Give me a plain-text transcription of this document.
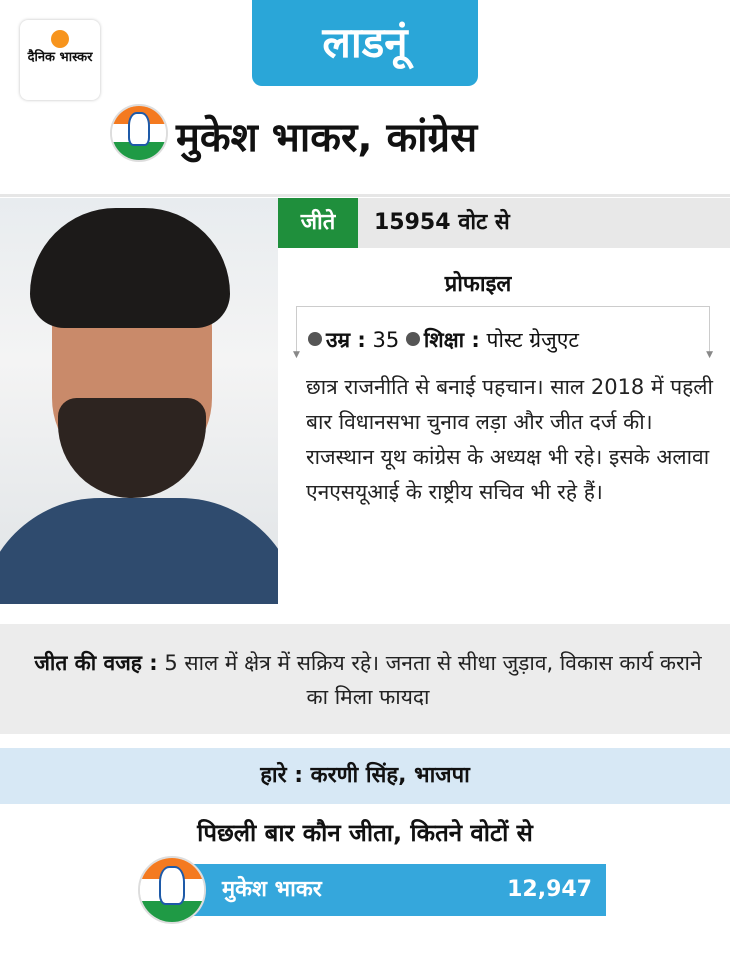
दैनिक भास्कर	लाडनूं
मुकेश भाकर, कांग्रेस
जीते	15954 वोट से
प्रोफाइल
▼	▼
उम्र : 35 शिक्षा : पोस्ट ग्रेजुएट
छात्र राजनीति से बनाई पहचान। साल 2018 में पहली बार विधानसभा चुनाव लड़ा और जीत दर्ज की। राजस्थान यूथ कांग्रेस के अध्यक्ष भी रहे। इसके अलावा एनएसयूआई के राष्ट्रीय सचिव भी रहे हैं।
जीत की वजह : 5 साल में क्षेत्र में सक्रिय रहे। जनता से सीधा जुड़ाव, विकास कार्य कराने का मिला फायदा
हारे : करणी सिंह, भाजपा
पिछली बार कौन जीता, कितने वोटों से
मुकेश भाकर	12,947
